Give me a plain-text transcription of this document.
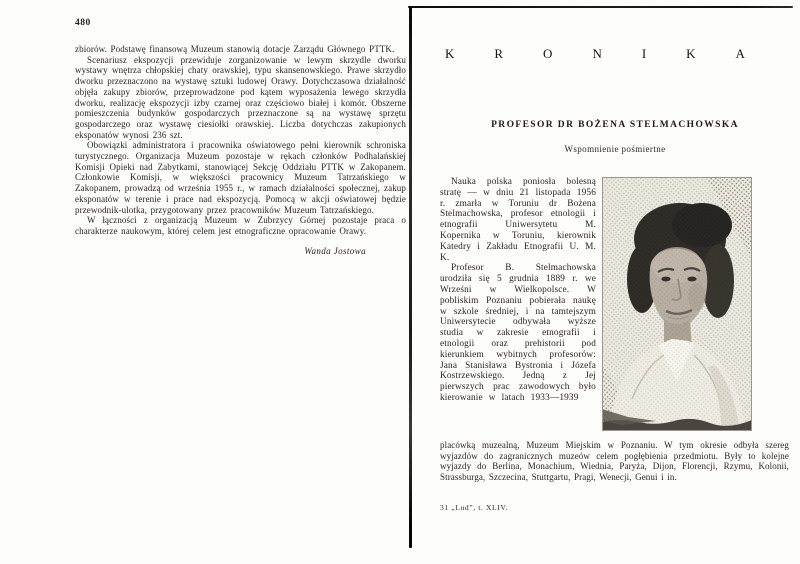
480

zbiorów. Podstawę finansową Muzeum stanowią dotacje Zarządu Głównego PTTK.

Scenariusz ekspozycji przewiduje zorganizowanie w lewym skrzydle dworku wystawy wnętrza chłopskiej chaty orawskiej, typu skansenowskiego. Prawe skrzydło dworku przeznaczono na wystawę sztuki ludowej Orawy. Dotychczasowa działalność objęła zakupy zbiorów, przeprowadzone pod kątem wyposażenia lewego skrzydła dworku, realizację ekspozycji izby czarnej oraz częściowo białej i komór. Obszerne pomieszczenia budynków gospodarczych przeznaczone są na wystawę sprzętu gospodarczego oraz wystawę ciesiołki orawskiej. Liczba dotychczas zakupionych eksponatów wynosi 236 szt.

Obowiązki administratora i pracownika oświatowego pełni kierownik schroniska turystycznego. Organizacja Muzeum pozostaje w rękach członków Podhalańskiej Komisji Opieki nad Zabytkami, stanowiącej Sekcję Oddziału PTTK w Zakopanem. Członkowie Komisji, w większości pracownicy Muzeum Tatrzańskiego w Zakopanem, prowadzą od września 1955 r., w ramach działalności społecznej, zakup eksponatów w terenie i prace nad ekspozycją. Pomocą w akcji oświatowej będzie przewodnik-ulotka, przygotowany przez pracowników Muzeum Tatrzańskiego.

W łączności z organizacją Muzeum w Zubrzycy Górnej pozostaje praca o charakterze naukowym, której celem jest etnograficzne opracowanie Orawy.

Wanda Jostowa
KRONIKA
PROFESOR DR BOŻENA STELMACHOWSKA
Wspomnienie pośmiertne

Nauka polska poniosła bolesną stratę — w dniu 21 listopada 1956 r. zmarła w Toruniu dr Bożena Stelmachowska, profesor etnologii i etnografii Uniwersytetu M. Kopernika w Toruniu, kierownik Katedry i Zakładu Etnografii U. M. K.

Profesor B. Stelmachowska urodziła się 5 grudnia 1889 r. we Wrześni w Wielkopolsce. W pobliskim Poznaniu pobierała naukę w szkole średniej, i na tamtejszym Uniwersytecie odbywała wyższe studia w zakresie etnografii i etnologii oraz prehistorii pod kierunkiem wybitnych profesorów: Jana Stanisława Bystronia i Józefa Kostrzewskiego. Jedną z Jej pierwszych prac zawodowych było kierowanie w latach 1933—1939

placówką muzealną, Muzeum Miejskim w Poznaniu. W tym okresie odbyła szereg wyjazdów do zagranicznych muzeów celem pogłębienia przedmiotu. Były to kolejne wyjazdy do Berlina, Monachium, Wiednia, Paryża, Dijon, Florencji, Rzymu, Kolonii, Strassburga, Szczecina, Stuttgartu, Pragi, Wenecji, Genui i in.

31 „Lud”, t. XLIV.
